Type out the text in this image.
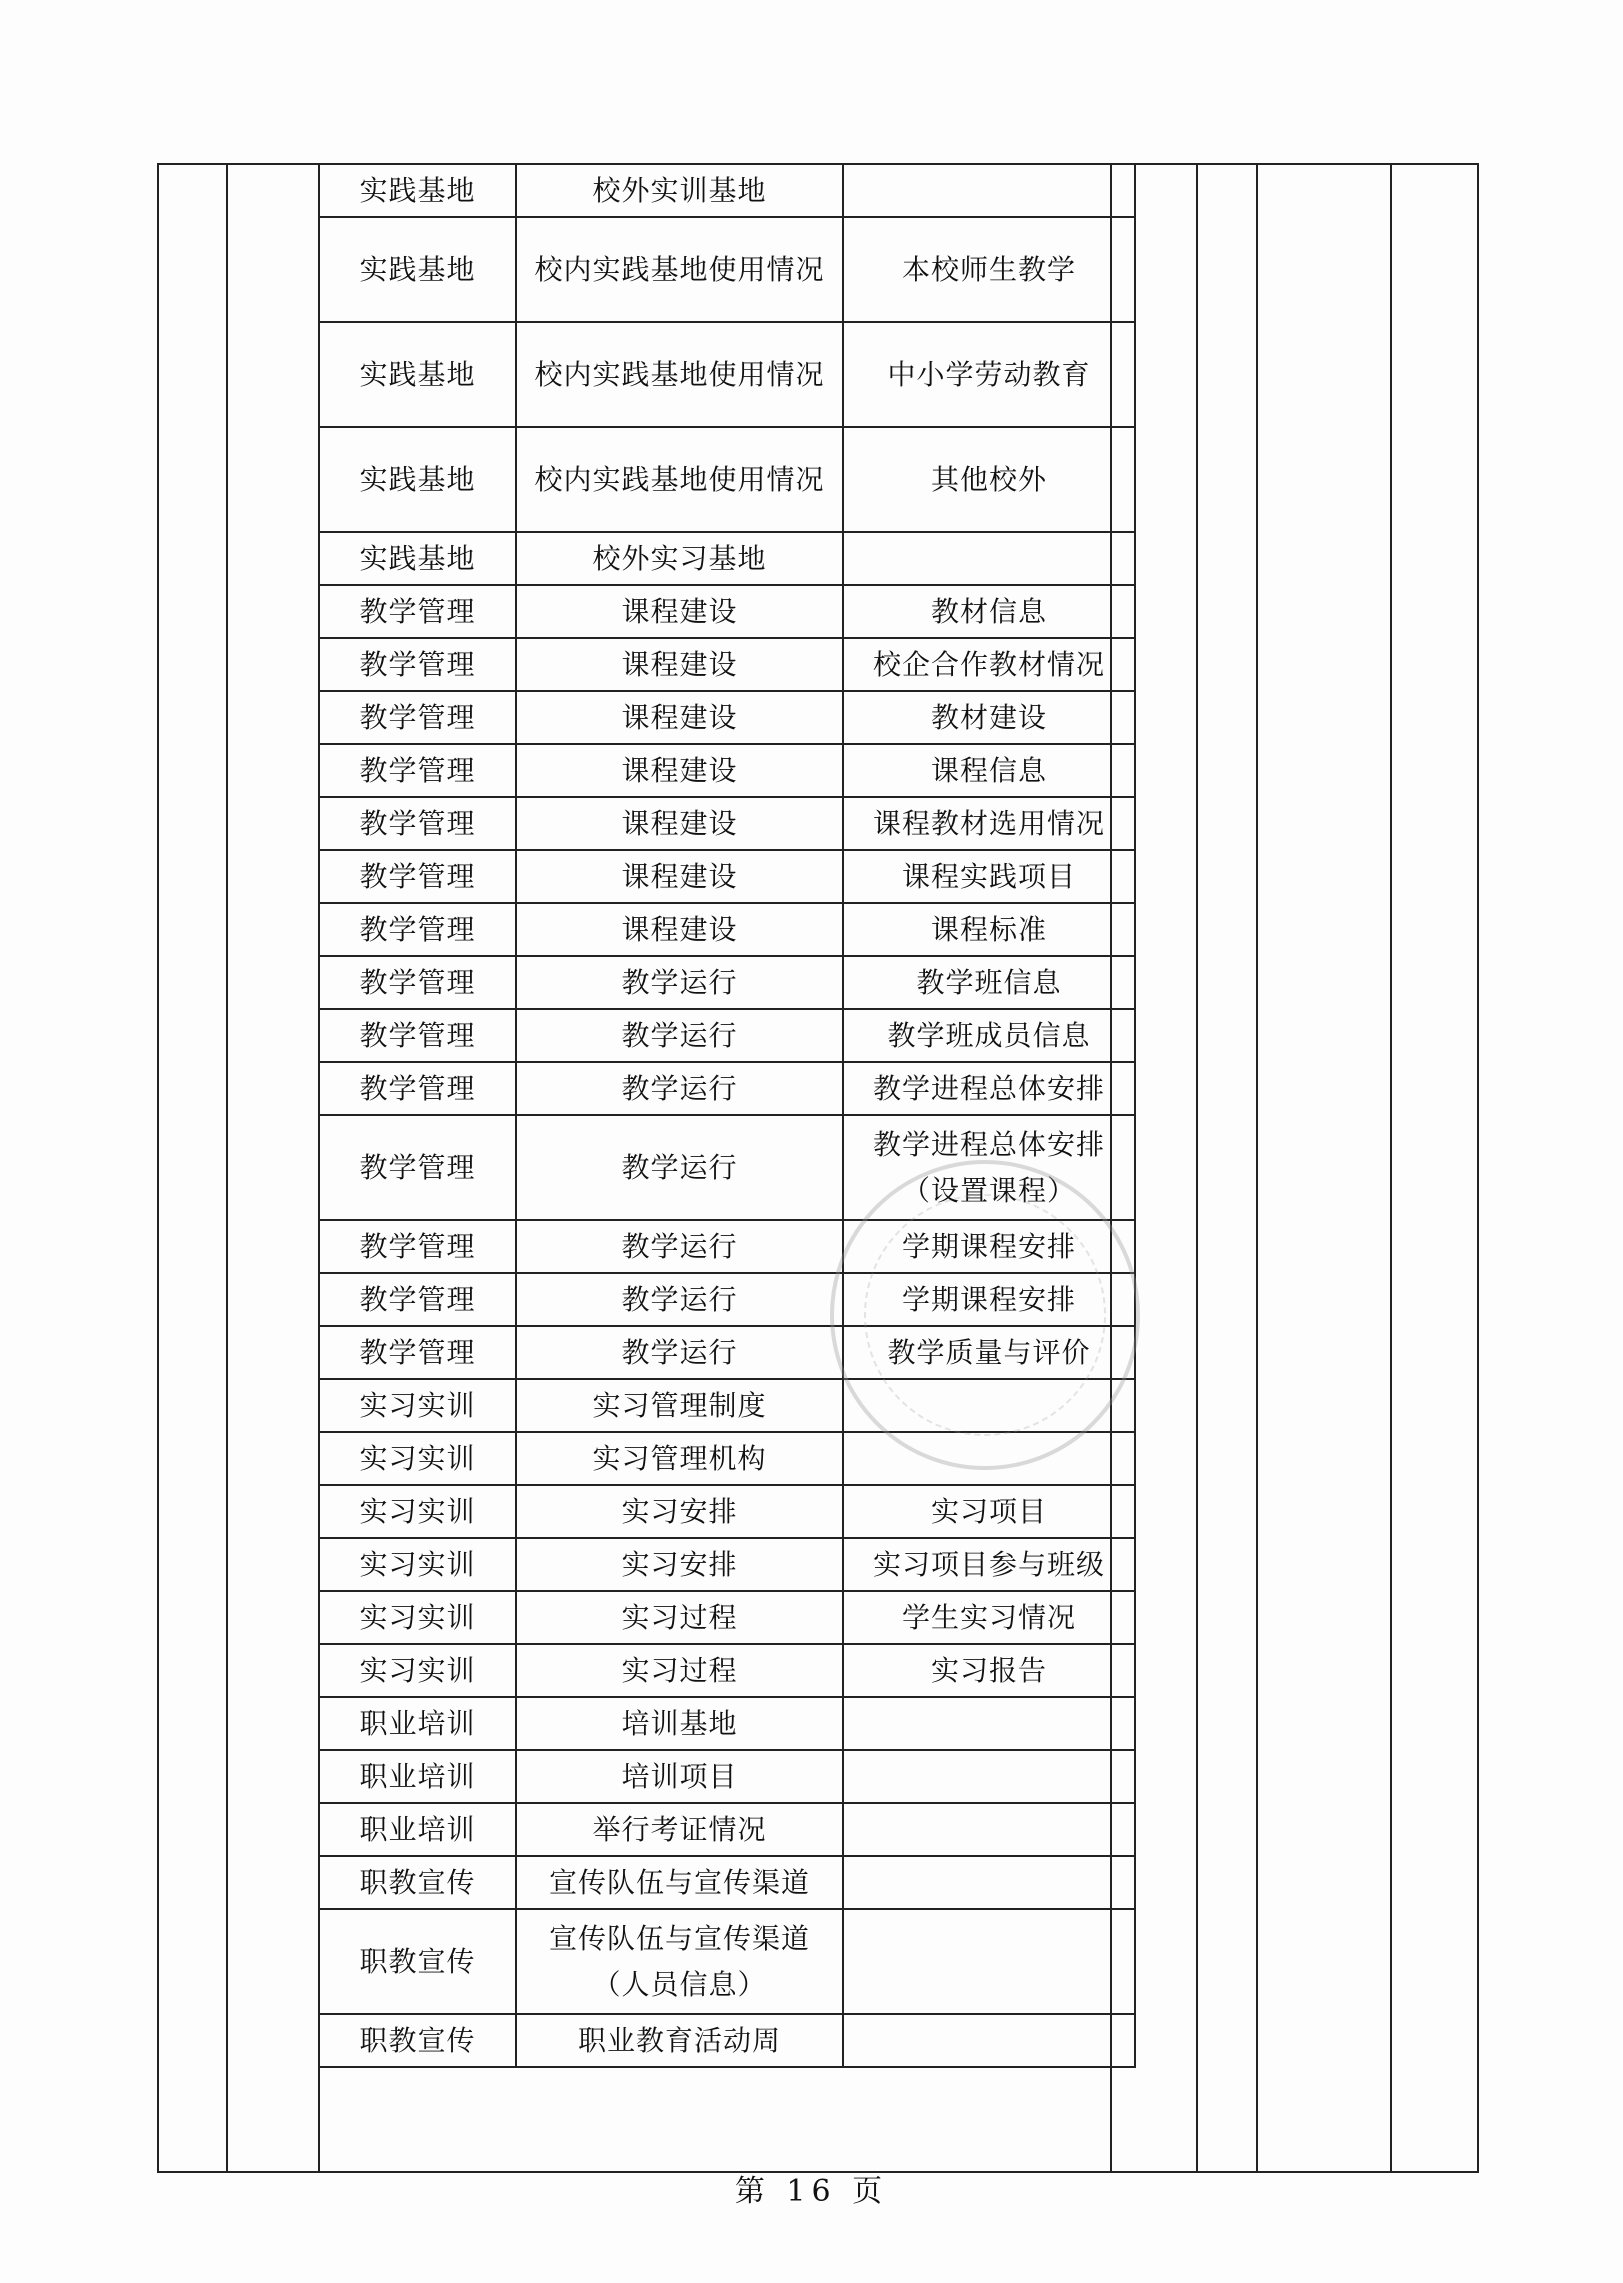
实践基地	校外实训基地	
实践基地	校内实践基地使用情况	本校师生教学
实践基地	校内实践基地使用情况	中小学劳动教育
实践基地	校内实践基地使用情况	其他校外
实践基地	校外实习基地	
教学管理	课程建设	教材信息
教学管理	课程建设	校企合作教材情况
教学管理	课程建设	教材建设
教学管理	课程建设	课程信息
教学管理	课程建设	课程教材选用情况
教学管理	课程建设	课程实践项目
教学管理	课程建设	课程标准
教学管理	教学运行	教学班信息
教学管理	教学运行	教学班成员信息
教学管理	教学运行	教学进程总体安排
教学管理	教学运行	教学进程总体安排（设置课程）
教学管理	教学运行	学期课程安排
教学管理	教学运行	学期课程安排
教学管理	教学运行	教学质量与评价
实习实训	实习管理制度	
实习实训	实习管理机构	
实习实训	实习安排	实习项目
实习实训	实习安排	实习项目参与班级
实习实训	实习过程	学生实习情况
实习实训	实习过程	实习报告
职业培训	培训基地	
职业培训	培训项目	
职业培训	举行考证情况	
职教宣传	宣传队伍与宣传渠道	
职教宣传	宣传队伍与宣传渠道（人员信息）	
职教宣传	职业教育活动周	
第 16 页
